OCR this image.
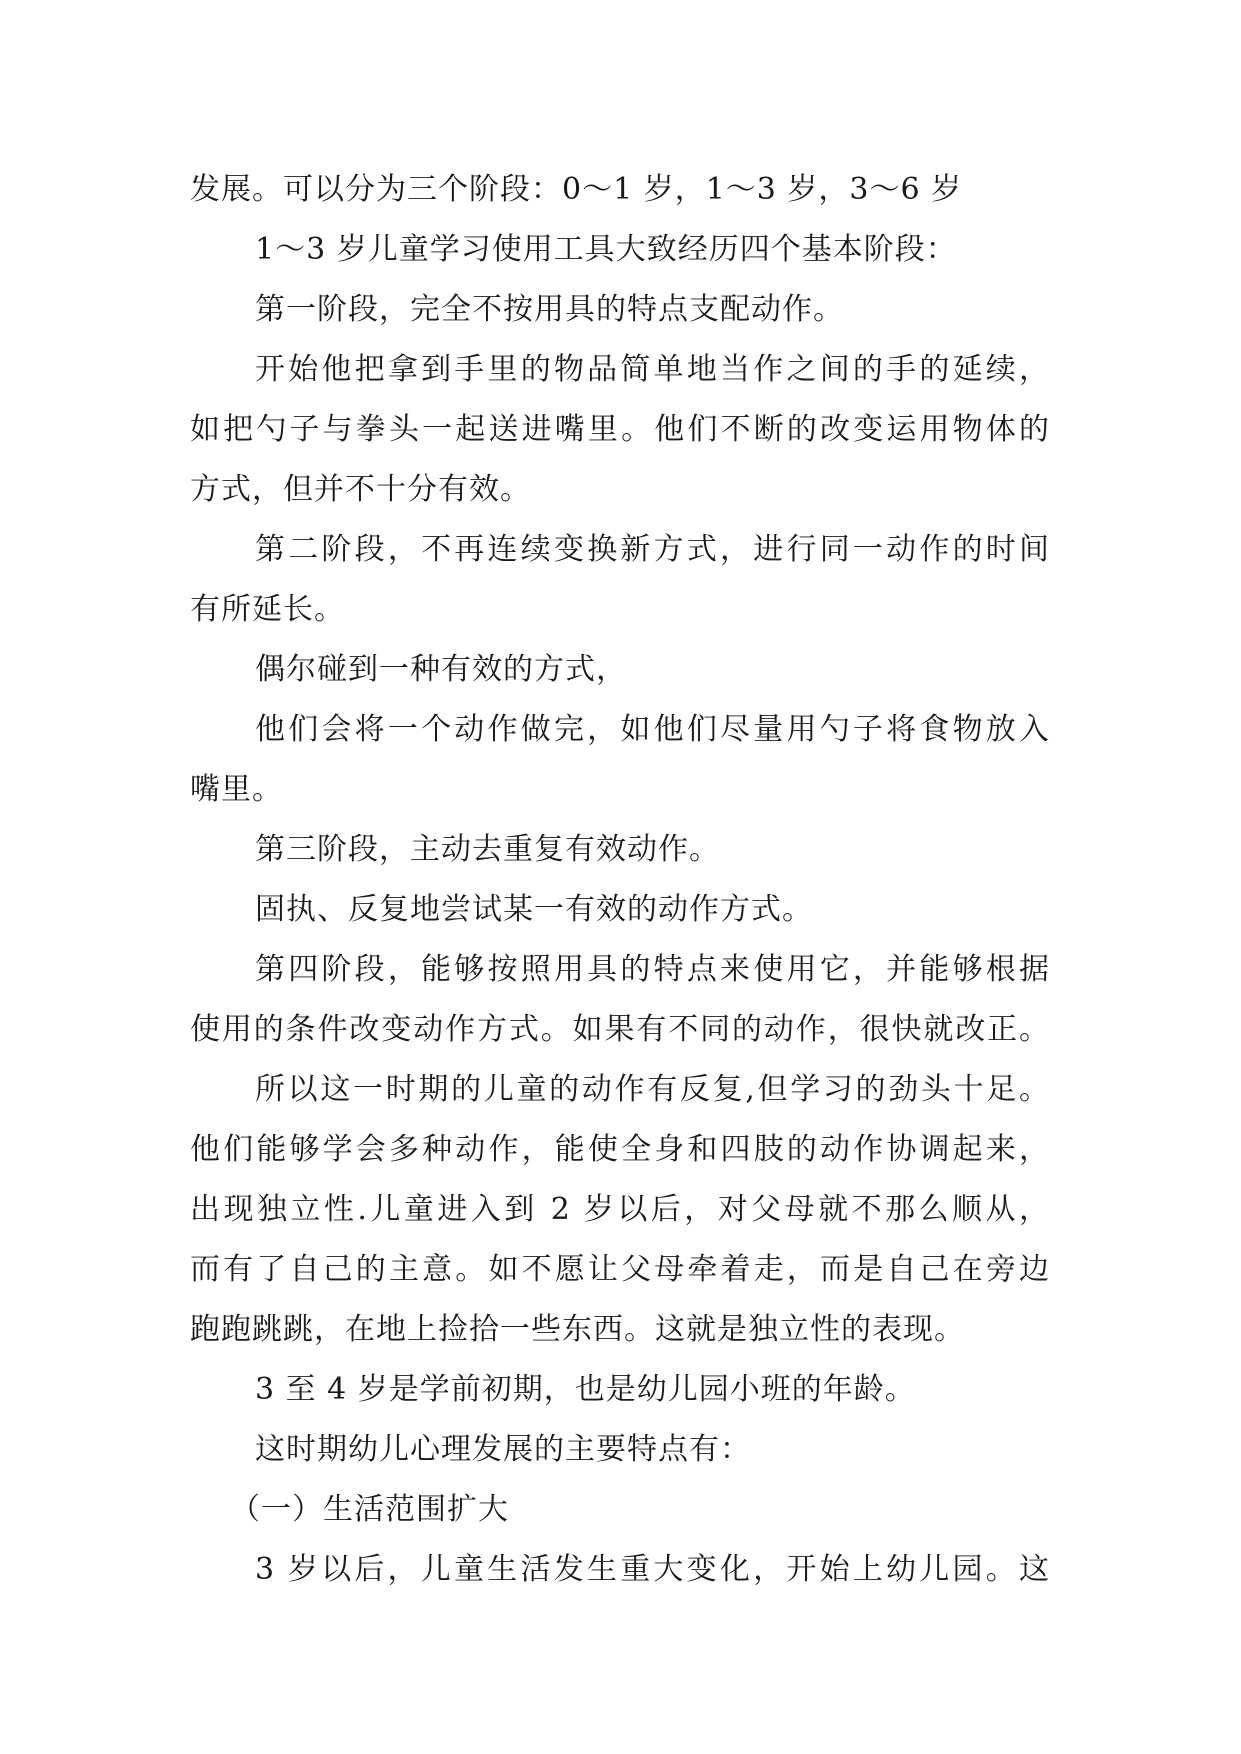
发展。可以分为三个阶段：0～1 岁，1～3 岁，3～6 岁
1～3 岁儿童学习使用工具大致经历四个基本阶段：
第一阶段，完全不按用具的特点支配动作。
开始他把拿到手里的物品简单地当作之间的手的延续，
如把勺子与拳头一起送进嘴里。他们不断的改变运用物体的
方式，但并不十分有效。
第二阶段，不再连续变换新方式，进行同一动作的时间
有所延长。
偶尔碰到一种有效的方式，
他们会将一个动作做完，如他们尽量用勺子将食物放入
嘴里。
第三阶段，主动去重复有效动作。
固执、反复地尝试某一有效的动作方式。
第四阶段，能够按照用具的特点来使用它，并能够根据
使用的条件改变动作方式。如果有不同的动作，很快就改正。
所以这一时期的儿童的动作有反复,但学习的劲头十足。
他们能够学会多种动作，能使全身和四肢的动作协调起来，
出现独立性.儿童进入到 2 岁以后，对父母就不那么顺从，
而有了自己的主意。如不愿让父母牵着走，而是自己在旁边
跑跑跳跳，在地上捡拾一些东西。这就是独立性的表现。
3 至 4 岁是学前初期，也是幼儿园小班的年龄。
这时期幼儿心理发展的主要特点有：
（一）生活范围扩大
3 岁以后，儿童生活发生重大变化，开始上幼儿园。这
